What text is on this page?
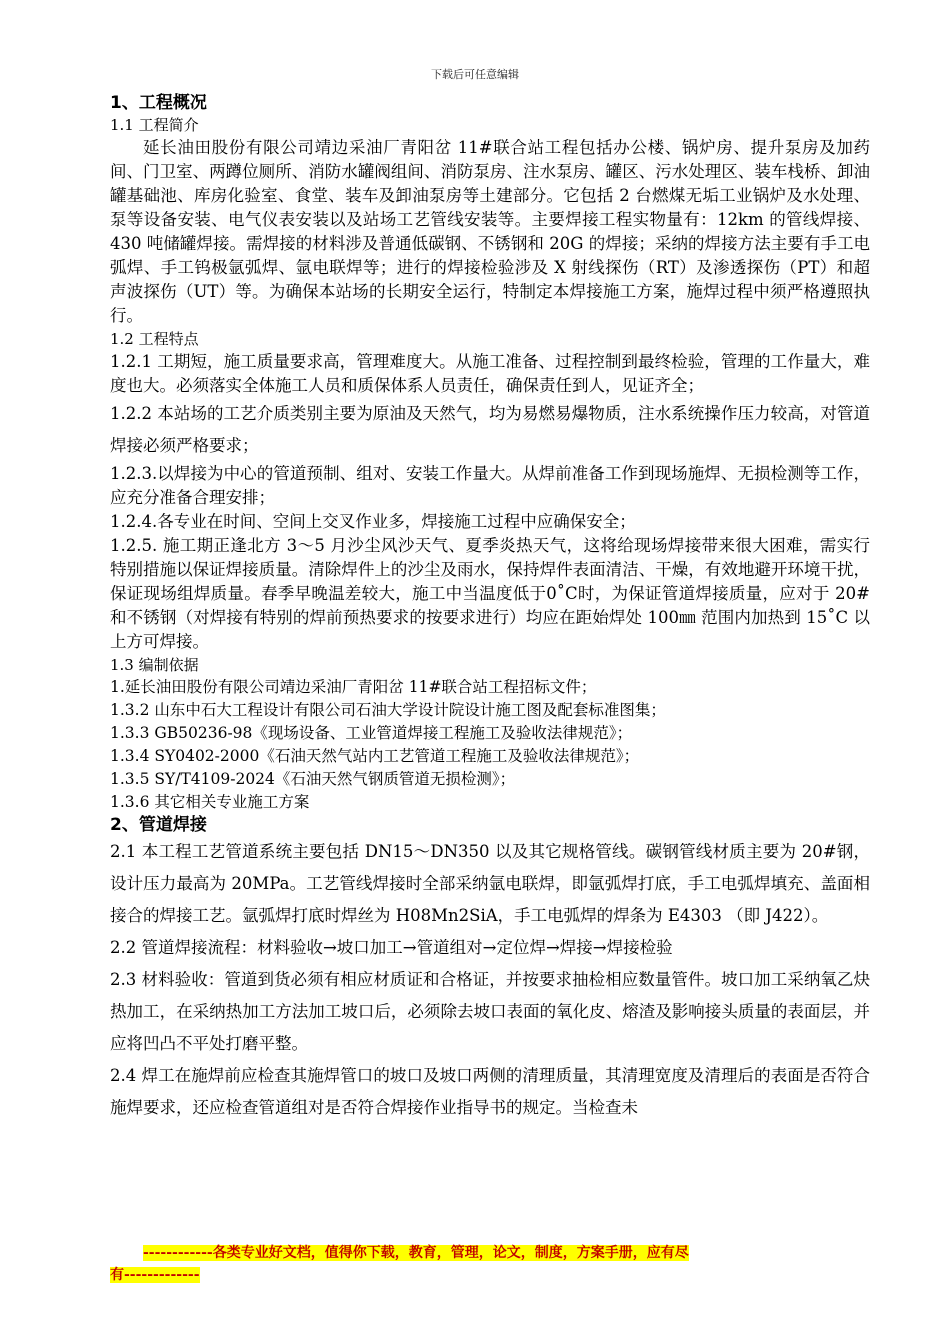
下载后可任意编辑

1、工程概况

1.1 工程简介

延长油田股份有限公司靖边采油厂青阳岔 11#联合站工程包括办公楼、锅炉房、提升泵房及加药间、门卫室、两蹲位厕所、消防水罐阀组间、消防泵房、注水泵房、罐区、污水处理区、装车栈桥、卸油罐基础池、库房化验室、食堂、装车及卸油泵房等土建部分。它包括 2 台燃煤无垢工业锅炉及水处理、泵等设备安装、电气仪表安装以及站场工艺管线安装等。主要焊接工程实物量有：12km 的管线焊接、430 吨储罐焊接。需焊接的材料涉及普通低碳钢、不锈钢和 20G 的焊接；采纳的焊接方法主要有手工电弧焊、手工钨极氩弧焊、氩电联焊等；进行的焊接检验涉及 X 射线探伤（RT）及渗透探伤（PT）和超声波探伤（UT）等。为确保本站场的长期安全运行，特制定本焊接施工方案，施焊过程中须严格遵照执行。

1.2 工程特点

1.2.1 工期短，施工质量要求高，管理难度大。从施工准备、过程控制到最终检验，管理的工作量大，难度也大。必须落实全体施工人员和质保体系人员责任，确保责任到人，见证齐全；

1.2.2 本站场的工艺介质类别主要为原油及天然气，均为易燃易爆物质，注水系统操作压力较高，对管道焊接必须严格要求；

1.2.3.以焊接为中心的管道预制、组对、安装工作量大。从焊前准备工作到现场施焊、无损检测等工作，应充分准备合理安排；

1.2.4.各专业在时间、空间上交叉作业多，焊接施工过程中应确保安全；

1.2.5. 施工期正逢北方 3～5 月沙尘风沙天气、夏季炎热天气，这将给现场焊接带来很大困难，需实行特别措施以保证焊接质量。清除焊件上的沙尘及雨水，保持焊件表面清洁、干燥，有效地避开环境干扰，保证现场组焊质量。春季早晚温差较大，施工中当温度低于0˚C时，为保证管道焊接质量，应对于 20#和不锈钢（对焊接有特别的焊前预热要求的按要求进行）均应在距始焊处 100㎜ 范围内加热到 15˚C 以上方可焊接。

1.3 编制依据

1.延长油田股份有限公司靖边采油厂青阳岔 11#联合站工程招标文件；

1.3.2 山东中石大工程设计有限公司石油大学设计院设计施工图及配套标准图集；

1.3.3 GB50236-98《现场设备、工业管道焊接工程施工及验收法律规范》；

1.3.4 SY0402-2000《石油天然气站内工艺管道工程施工及验收法律规范》；

1.3.5 SY/T4109-2024《石油天然气钢质管道无损检测》；

1.3.6 其它相关专业施工方案

2、管道焊接

2.1 本工程工艺管道系统主要包括 DN15～DN350 以及其它规格管线。碳钢管线材质主要为 20#钢，设计压力最高为 20MPa。工艺管线焊接时全部采纳氩电联焊，即氩弧焊打底，手工电弧焊填充、盖面相接合的焊接工艺。氩弧焊打底时焊丝为 H08Mn2SiA，手工电弧焊的焊条为 E4303 （即 J422）。

2.2 管道焊接流程：材料验收→坡口加工→管道组对→定位焊→焊接→焊接检验

2.3 材料验收：管道到货必须有相应材质证和合格证，并按要求抽检相应数量管件。坡口加工采纳氧乙炔热加工，在采纳热加工方法加工坡口后，必须除去坡口表面的氧化皮、熔渣及影响接头质量的表面层，并应将凹凸不平处打磨平整。

2.4 焊工在施焊前应检查其施焊管口的坡口及坡口两侧的清理质量，其清理宽度及清理后的表面是否符合施焊要求，还应检查管道组对是否符合焊接作业指导书的规定。当检查未

------------各类专业好文档，值得你下载，教育，管理，论文，制度，方案手册，应有尽
有-------------
